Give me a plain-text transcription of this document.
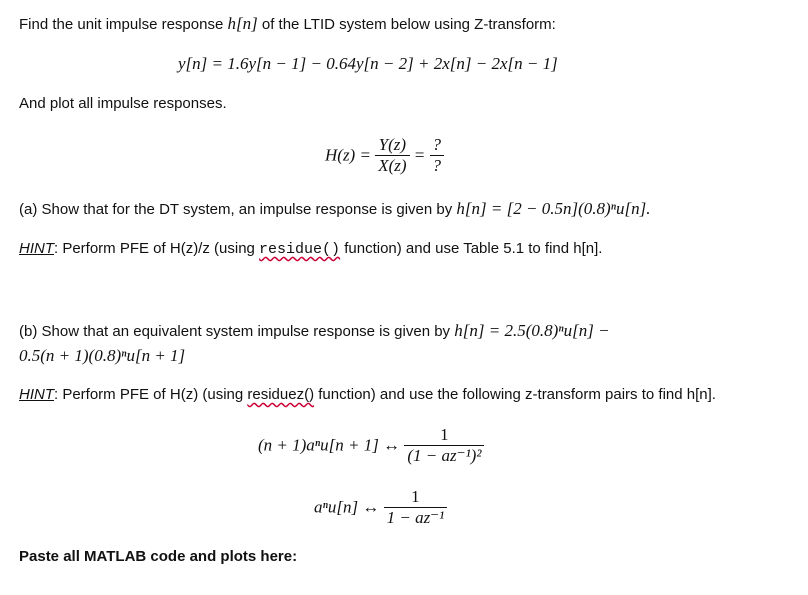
Find the unit impulse response h[n] of the LTID system below using Z-transform:
y[n] = 1.6y[n − 1] − 0.64y[n − 2] + 2x[n] − 2x[n − 1]
And plot all impulse responses.
$H(z) = \frac{Y(z)}{X(z)} = \frac{?}{?}$
(a) Show that for the DT system, an impulse response is given by h[n] = [2 − 0.5n](0.8)ⁿu[n].
HINT: Perform PFE of H(z)/z (using residue() function) and use Table 5.1 to find h[n].
(b) Show that an equivalent system impulse response is given by h[n] = 2.5(0.8)ⁿu[n] −
0.5(n + 1)(0.8)ⁿu[n + 1]
HINT: Perform PFE of H(z) (using residuez() function) and use the following z-transform pairs to find h[n].
(n + 1)aⁿu[n + 1] ↔ $\frac{1}{\text{(1 − az⁻¹)²}}$
aⁿu[n] ↔ $\frac{1}{\text{1 − az⁻¹}}$
Paste all MATLAB code and plots here:
